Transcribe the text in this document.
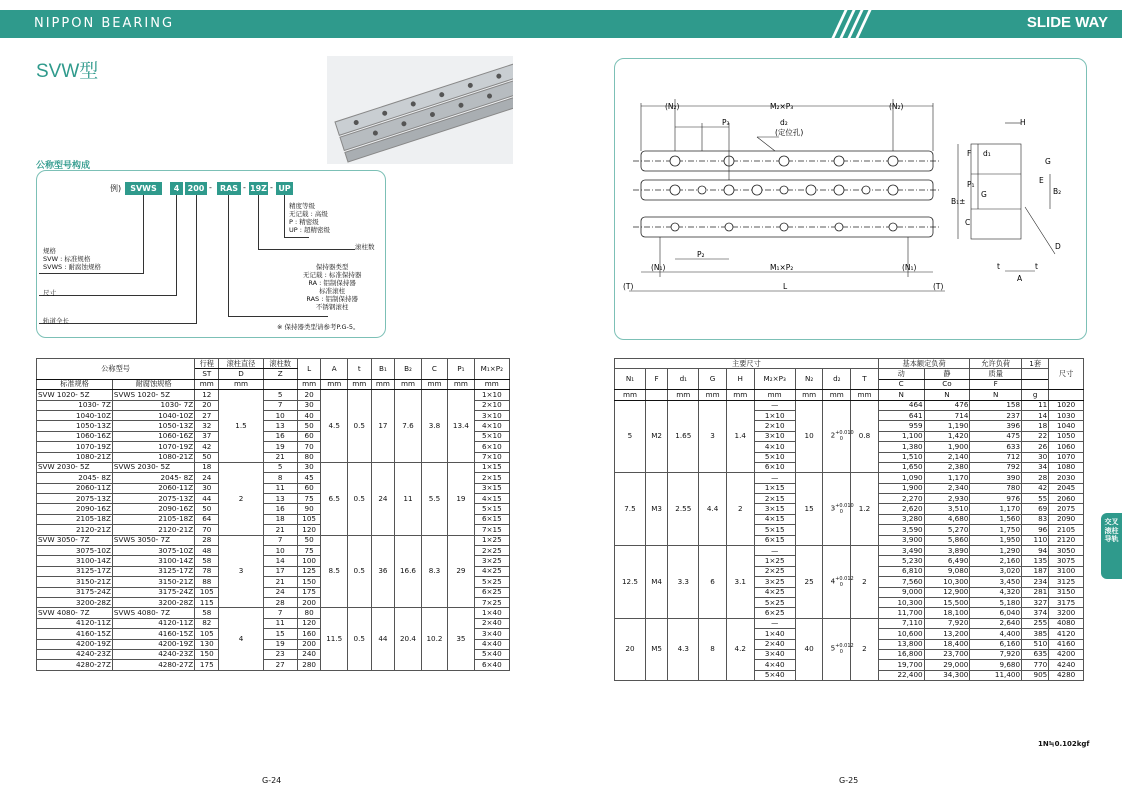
NIPPON BEARING	SLIDE WAY
SVW型
公称型号构成
例)	SVWS	4	200 -	RAS - 19Z - UP
精度等级
无记载 : 高级
P : 精密级
UP : 超精密级
滚柱数
规格
SVW : 标准规格
SVWS : 耐腐蚀规格
尺寸
保持器类型
无记载 : 标准保持器
RA : 铝制保持器
标准滚柱
RAS : 铝制保持器
不锈钢滚柱
轨道全长
※ 保持器类型请参考P.G-5。
公称型号		行程	滚柱直径	滚柱数	L	A	t	B₁	B₂	C	P₁	M₁×P₂
		ST	D	Z								
标准规格	耐腐蚀规格	mm	mm		mm	mm	mm	mm	mm	mm	mm	mm
SVW 1020- 5Z	SVWS 1020- 5Z	12	1.5	5	20	4.5	0.5	17	7.6	3.8	13.4	1×10
1030- 7Z	1030- 7Z	20		7	30							2×10
1040-10Z	1040-10Z	27		10	40							3×10
1050-13Z	1050-13Z	32		13	50							4×10
1060-16Z	1060-16Z	37		16	60							5×10
1070-19Z	1070-19Z	42		19	70							6×10
1080-21Z	1080-21Z	50		21	80							7×10
SVW 2030- 5Z	SVWS 2030- 5Z	18	2	5	30	6.5	0.5	24	11	5.5	19	1×15
2045- 8Z	2045- 8Z	24		8	45							2×15
2060-11Z	2060-11Z	30		11	60							3×15
2075-13Z	2075-13Z	44		13	75							4×15
2090-16Z	2090-16Z	50		16	90							5×15
2105-18Z	2105-18Z	64		18	105							6×15
2120-21Z	2120-21Z	70		21	120							7×15
SVW 3050- 7Z	SVWS 3050- 7Z	28	3	7	50	8.5	0.5	36	16.6	8.3	29	1×25
3075-10Z	3075-10Z	48		10	75							2×25
3100-14Z	3100-14Z	58		14	100							3×25
3125-17Z	3125-17Z	78		17	125							4×25
3150-21Z	3150-21Z	88		21	150							5×25
3175-24Z	3175-24Z	105		24	175							6×25
3200-28Z	3200-28Z	115		28	200							7×25
SVW 4080- 7Z	SVWS 4080- 7Z	58	4	7	80	11.5	0.5	44	20.4	10.2	35	1×40
4120-11Z	4120-11Z	82		11	120							2×40
4160-15Z	4160-15Z	105		15	160							3×40
4200-19Z	4200-19Z	130		19	200							4×40
4240-23Z	4240-23Z	150		23	240							5×40
4280-27Z	4280-27Z	175		27	280							6×40
(N₂)	M₂×P₃	(N₂)
P₃	d₂
(定位孔)
P₂
(N₁)	M₁×P₂	(N₁)
(T)	L	(T)
H
F d₁
G
B₁±
P₁
G
E
B₂
C
t	t
A
D
主要尺寸									基本额定负荷		允许负荷	1套	尺寸
N₁	F	d₁	G	H	M₂×P₃	N₂	d₂	T	动	静	质量		
									C	Co	F		
mm		mm	mm	mm	mm	mm	mm	mm	N	N	N	g	
5	M2	1.65	3	1.4	—	10	$2^{+0.010}_0$	0.8	464	476	158	11	1020
					1×10				641	714	237	14	1030
					2×10				959	1,190	396	18	1040
					3×10				1,100	1,420	475	22	1050
					4×10				1,380	1,900	633	26	1060
					5×10				1,510	2,140	712	30	1070
					6×10				1,650	2,380	792	34	1080
7.5	M3	2.55	4.4	2	—	15	$3^{+0.010}_0$	1.2	1,090	1,170	390	28	2030
					1×15				1,900	2,340	780	42	2045
					2×15				2,270	2,930	976	55	2060
					3×15				2,620	3,510	1,170	69	2075
					4×15				3,280	4,680	1,560	83	2090
					5×15				3,590	5,270	1,750	96	2105
					6×15				3,900	5,860	1,950	110	2120
12.5	M4	3.3	6	3.1	—	25	$4^{+0.012}_0$	2	3,490	3,890	1,290	94	3050
					1×25				5,230	6,490	2,160	135	3075
					2×25				6,810	9,080	3,020	187	3100
					3×25				7,560	10,300	3,450	234	3125
					4×25				9,000	12,900	4,320	281	3150
					5×25				10,300	15,500	5,180	327	3175
					6×25				11,700	18,100	6,040	374	3200
20	M5	4.3	8	4.2	—	40	$5^{+0.012}_0$	2	7,110	7,920	2,640	255	4080
					1×40				10,600	13,200	4,400	385	4120
					2×40				13,800	18,400	6,160	510	4160
					3×40				16,800	23,700	7,920	635	4200
					4×40				19,700	29,000	9,680	770	4240
					5×40				22,400	34,300	11,400	905	4280
交叉滚柱导轨
1N≒0.102kgf
G-24	G-25
